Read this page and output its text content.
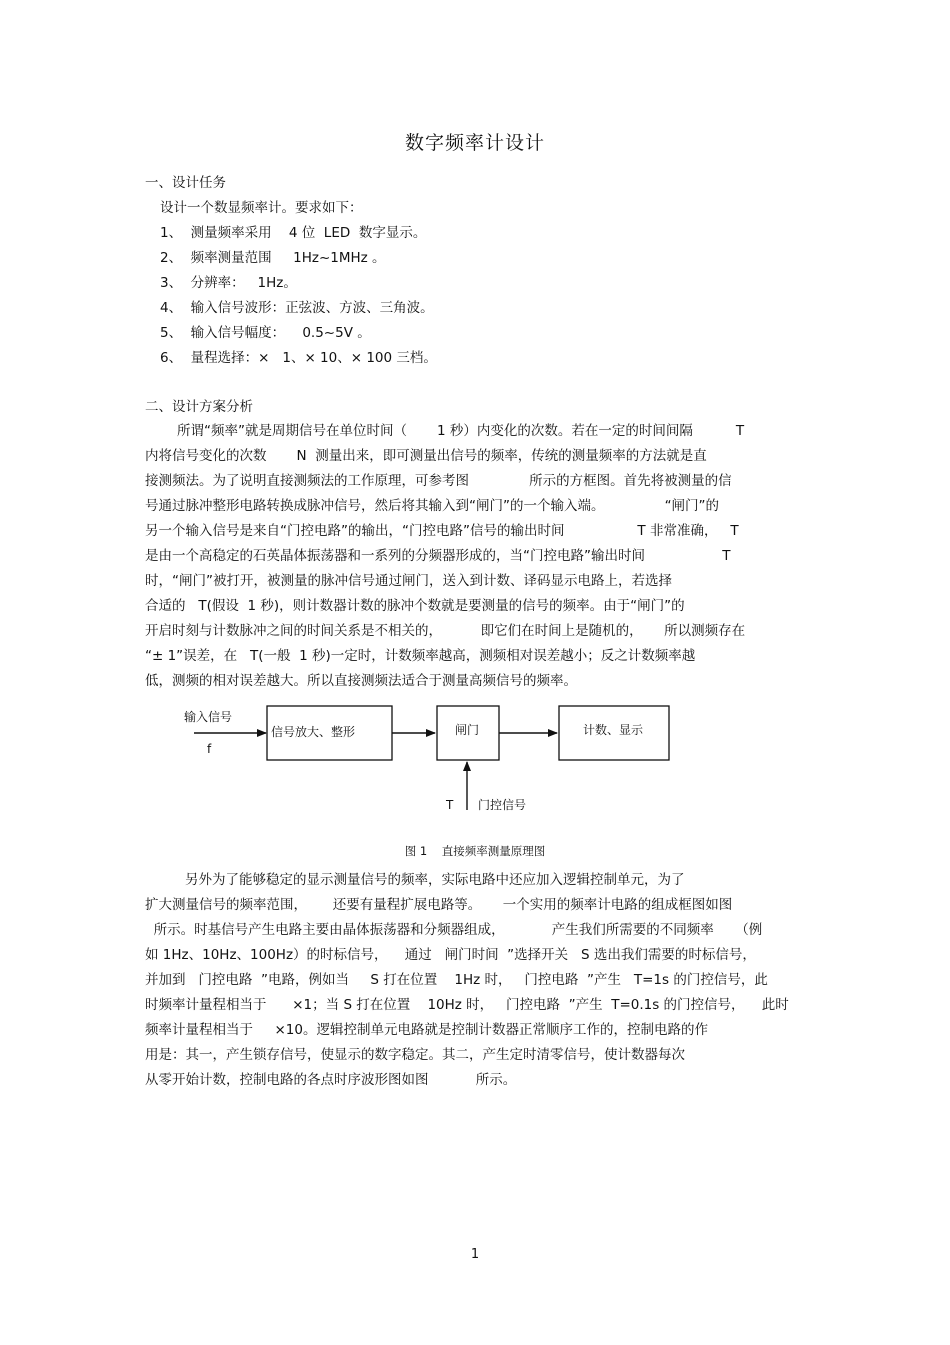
数字频率计设计
一、设计任务
设计一个数显频率计。要求如下：
1、  测量频率采用    4 位  LED  数字显示。
2、  频率测量范围     1Hz~1MHz 。
3、  分辨率：   1Hz。
4、  输入信号波形：正弦波、方波、三角波。
5、  输入信号幅度：    0.5~5V 。
6、  量程选择：×   1、× 10、× 100 三档。
二、设计方案分析
所谓“频率”就是周期信号在单位时间（       1 秒）内变化的次数。若在一定的时间间隔          T
内将信号变化的次数       N  测量出来，即可测量出信号的频率，传统的测量频率的方法就是直
接测频法。为了说明直接测频法的工作原理，可参考图              所示的方框图。首先将被测量的信
号通过脉冲整形电路转换成脉冲信号，然后将其输入到“闸门”的一个输入端。              “闸门”的
另一个输入信号是来自“门控电路”的输出，“门控电路”信号的输出时间                 T 非常准确，   T
是由一个高稳定的石英晶体振荡器和一系列的分频器形成的，当“门控电路”输出时间                  T
时，“闸门”被打开，被测量的脉冲信号通过闸门，送入到计数、译码显示电路上，若选择
合适的   T(假设  1 秒)，则计数器计数的脉冲个数就是要测量的信号的频率。由于“闸门”的
开启时刻与计数脉冲之间的时间关系是不相关的，         即它们在时间上是随机的，     所以测频存在
“± 1”误差，在   T(一般  1 秒)一定时，计数频率越高，测频相对误差越小；反之计数频率越
低，测频的相对误差越大。所以直接测频法适合于测量高频信号的频率。
输入信号
f
信号放大、整形	闸门	计数、显示
T 门控信号
图 1    直接频率测量原理图
另外为了能够稳定的显示测量信号的频率，实际电路中还应加入逻辑控制单元，为了
扩大测量信号的频率范围，      还要有量程扩展电路等。     一个实用的频率计电路的组成框图如图
所示。时基信号产生电路主要由晶体振荡器和分频器组成，           产生我们所需要的不同频率     （例
如 1Hz、10Hz、100Hz）的时标信号，    通过   闸门时间  ”选择开关   S 选出我们需要的时标信号，
并加到   门控电路  ”电路，例如当     S 打在位置    1Hz 时，   门控电路  ”产生   T=1s 的门控信号，此
时频率计量程相当于      ×1；当 S 打在位置    10Hz 时，   门控电路  ”产生  T=0.1s 的门控信号，    此时
频率计量程相当于     ×10。逻辑控制单元电路就是控制计数器正常顺序工作的，控制电路的作
用是：其一，产生锁存信号，使显示的数字稳定。其二，产生定时清零信号，使计数器每次
从零开始计数，控制电路的各点时序波形图如图           所示。
1
